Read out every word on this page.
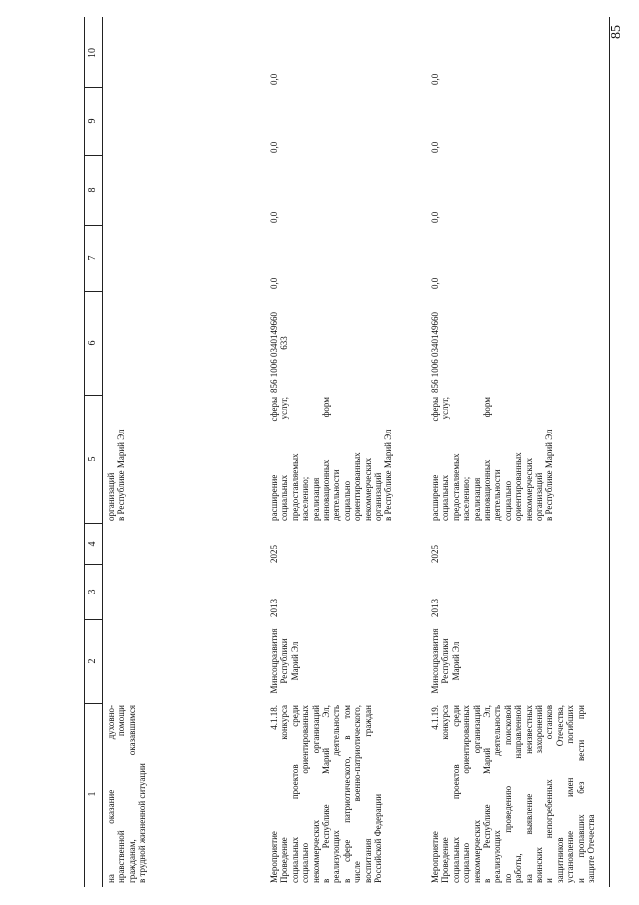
85
1
2
3
4
5
6
7
8
9
10
на оказание духовно- нравственной помощи гражданам, оказавшимся в трудной жизненной ситуации
организаций в Республике Марий Эл
Мероприятие 4.1.18. Проведение конкурса социальных проектов среди социально ориентированных некоммерческих организаций в Республике Марий Эл, реализующих деятельность в сфере патриотического, в том числе военно-патриотического, воспитания граждан Российской Федерации
Минсоцразвития Республики Марий Эл
2013
2025
расширение сферы социальных услуг, предоставляемых населению; реализация инновационных форм деятельности социально ориентированных некоммерческих организаций в Республике Марий Эл
856 1006 0340149660 633
0,0
0,0
0,0
0,0
Мероприятие 4.1.19. Проведение конкурса социальных проектов среди социально ориентированных некоммерческих организаций в Республике Марий Эл, реализующих деятельность по проведению поисковой работы, направленной на выявление неизвестных воинских захоронений и непогребенных останков защитников Отечества, установление имен погибших и пропавших без вести при защите Отечества
Минсоцразвития Республики Марий Эл
2013
2025
расширение сферы социальных услуг, предоставляемых населению; реализация инновационных форм деятельности социально ориентированных некоммерческих организаций в Республике Марий Эл
856 1006 0340149660
0,0
0,0
0,0
0,0
